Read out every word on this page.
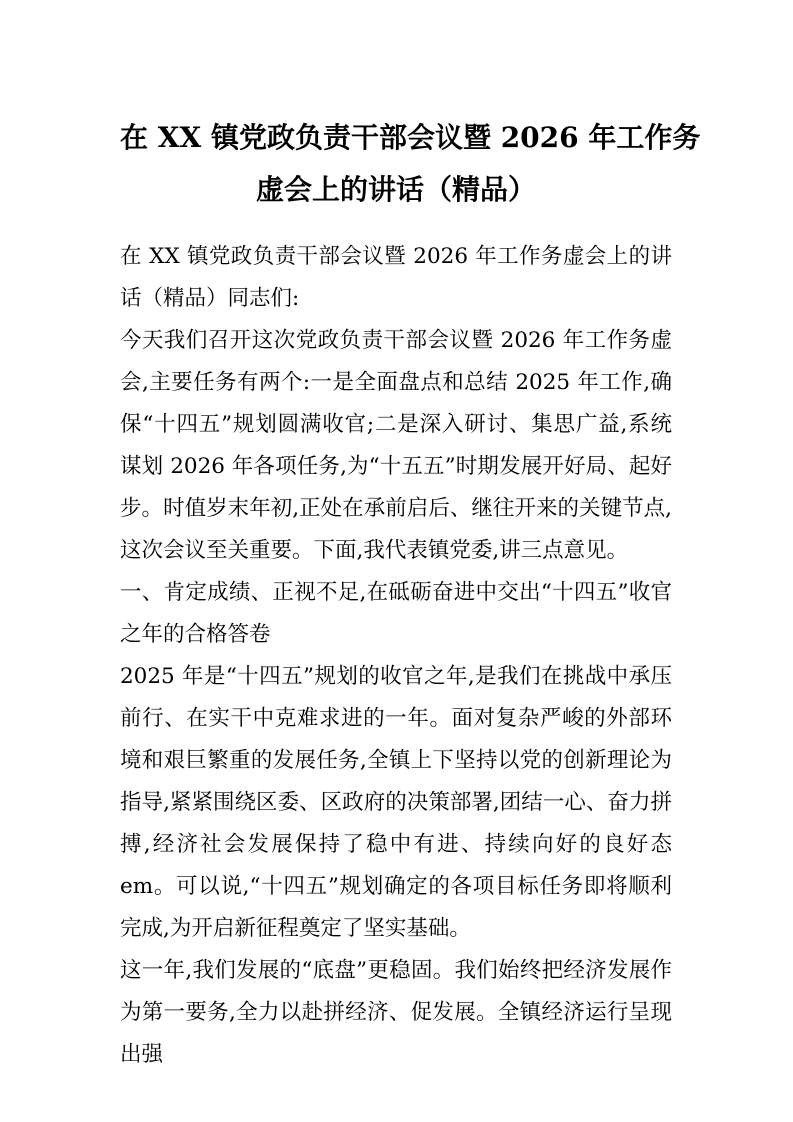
在 XX 镇党政负责干部会议暨 2026 年工作务
虚会上的讲话（精品）

在 XX 镇党政负责干部会议暨 2026 年工作务虚会上的讲话（精品）同志们:

今天我们召开这次党政负责干部会议暨 2026 年工作务虚会,主要任务有两个:一是全面盘点和总结 2025 年工作,确保“十四五”规划圆满收官;二是深入研讨、集思广益,系统谋划 2026 年各项任务,为“十五五”时期发展开好局、起好步。时值岁末年初,正处在承前启后、继往开来的关键节点,这次会议至关重要。下面,我代表镇党委,讲三点意见。

一、肯定成绩、正视不足,在砥砺奋进中交出“十四五”收官之年的合格答卷

2025 年是“十四五”规划的收官之年,是我们在挑战中承压前行、在实干中克难求进的一年。面对复杂严峻的外部环境和艰巨繁重的发展任务,全镇上下坚持以党的创新理论为指导,紧紧围绕区委、区政府的决策部署,团结一心、奋力拼搏,经济社会发展保持了稳中有进、持续向好的良好态 em。可以说,“十四五”规划确定的各项目标任务即将顺利完成,为开启新征程奠定了坚实基础。

这一年,我们发展的“底盘”更稳固。我们始终把经济发展作为第一要务,全力以赴拼经济、促发展。全镇经济运行呈现出强
